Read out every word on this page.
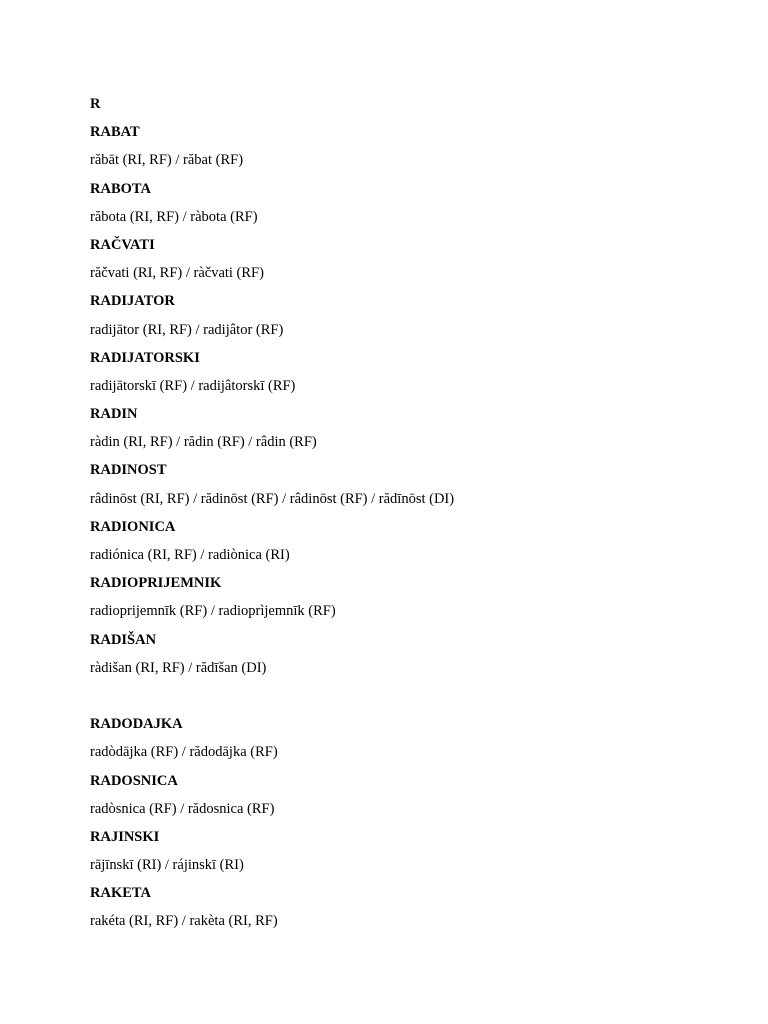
R
RABAT
răbāt (RI, RF) / răbat (RF)
RABOTA
răbota (RI, RF) / ràbota (RF)
RAČVATI
răčvati (RI, RF) / ràčvati (RF)
RADIJATOR
radijātor (RI, RF) / radijâtor (RF)
RADIJATORSKI
radijātorskī (RF) / radijâtorskī (RF)
RADIN
ràdin (RI, RF) / rădin (RF) / râdin (RF)
RADINOST
râdinōst (RI, RF) / rădinōst (RF) / râdinōst (RF) / rădīnōst (DI)
RADIONICA
radiónica (RI, RF) / radiònica (RI)
RADIOPRIJEMNIK
radioprijemnīk (RF) / radioprìjemnīk (RF)
RADIŠAN
ràdišan (RI, RF) / rădīšan (DI)
RADODAJKA
radòdājka (RF) / rădodājka (RF)
RADOSNICA
radòsnica (RF) / rădosnica (RF)
RAJINSKI
rājīnskī (RI) / rájinskī (RI)
RAKETA
rakéta (RI, RF) / rakèta (RI, RF)
